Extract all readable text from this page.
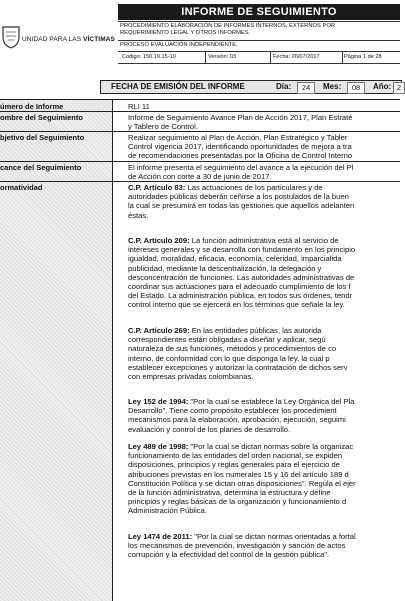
UNIDAD PARA LAS VÍCTIMAS
INFORME DE SEGUIMIENTO
PROCEDIMIENTO ELABORACIÓN DE INFORMES INTERNOS, EXTERNOS POR
REQUERIMIENTO LEGAL Y OTROS INFORMES.
PROCESO EVALUACIÓN INDEPENDIENTE.
Codigo: 150.19.15-10	Versión: 03	Fecha: 26/07/2017	Página 1 de 28
FECHA DE EMISIÓN DEL INFORME	Día:	24	Mes:	08	Año: 2
úmero de Informe	RLI 11
ombre del Seguimiento	Informe de Seguimiento Avance Plan de Acción 2017, Plan Estraté
y Tablero de Control.
bjetivo del Seguimiento	Realizar seguimiento al Plan de Acción, Plan Estratégico y Tabler
Control vigencia 2017, identificando oportunidades de mejora a tra
de recomendaciones presentadas por la Oficina de Control Interno
cance del Seguimiento	El informe presenta el seguimiento del avance a la ejecución del Pl
de Acción con corte a 30 de junio de 2017.
ormatividad	C.P. Artículo 83: Las actuaciones de los particulares y de
autoridades públicas deberán ceñirse a los postulados de la buen
la cual se presumirá en todas las gestiones que aquellos adelanten
éstas.
C.P. Artículo 209: La función administrativa está al servicio de
intereses generales y se desarrolla con fundamento en los principio
igualdad, moralidad, eficacia, economía, celeridad, imparcialida
publicidad, mediante la descentralización, la delegación y
desconcentración de funciones. Las autoridades administrativas de
coordinar sus actuaciones para el adecuado cumplimiento de los f
del Estado. La administración pública, en todos sus órdenes, tendr
control interno que se ejercerá en los términos que señale la ley.
C.P. Artículo 269: En las entidades públicas, las autorida
correspondientes están obligadas a diseñar y aplicar, segú
naturaleza de sus funciones, métodos y procedimientos de co
interno, de conformidad con lo que disponga la ley, la cual p
establecer excepciones y autorizar la contratación de dichos serv
con empresas privadas colombianas.
Ley 152 de 1994: "Por la cual se establece la Ley Orgánica del Pla
Desarrollo". Tiene como propósito establecer los procedimient
mecanismos para la elaboración, aprobación, ejecución, seguimi
evaluación y control de los planes de desarrollo.
Ley 489 de 1998: "Por la cual se dictan normas sobre la organizac
funcionamiento de las entidades del orden nacional, se expiden
disposiciones, principios y reglas generales para el ejercicio de
atribuciones previstas en los numerales 15 y 16 del artículo 189 d
Constitución Política y se dictan otras disposiciones". Regula el ejer
de la función administrativa, determina la estructura y define
principios y reglas básicas de la organización y funcionamiento d
Administración Pública.
Ley 1474 de 2011: "Por la cual se dictan normas orientadas a fortal
los mecanismos de prevención, investigación y sanción de actos
corrupción y la efectividad del control de la gestión pública".
